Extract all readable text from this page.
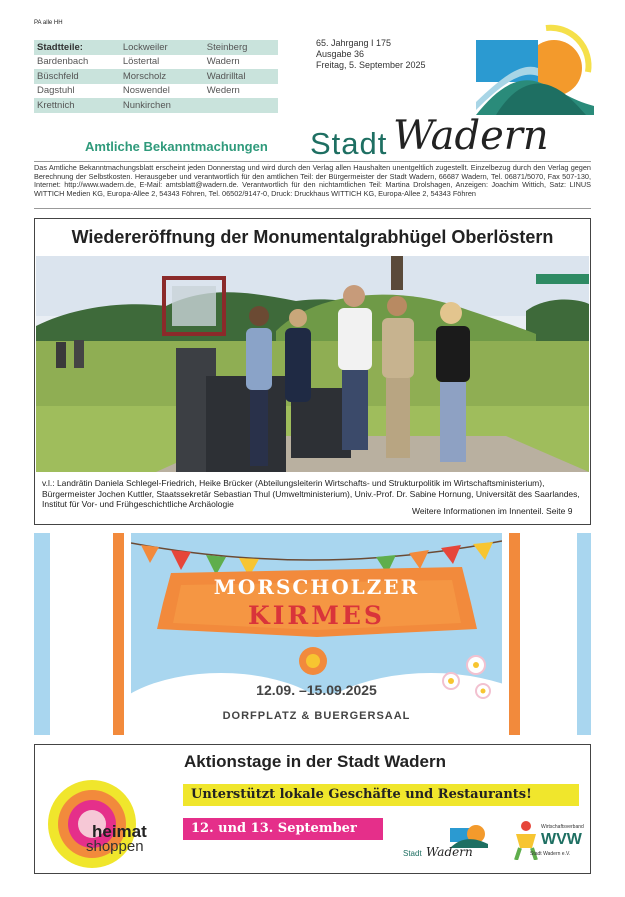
PA alle HH
Stadtteile:	Lockweiler	Steinberg
Bardenbach	Löstertal	Wadern
Büschfeld	Morscholz	Wadrilltal
Dagstuhl	Noswendel	Wedern
Krettnich	Nunkirchen
65. Jahrgang I 175
Ausgabe 36
Freitag, 5. September 2025
Amtliche Bekanntmachungen Stadt Wadern
Das Amtliche Bekanntmachungsblatt erscheint jeden Donnerstag und wird durch den Verlag allen Haushalten unentgeltlich zugestellt. Einzelbezug durch den Verlag gegen Berechnung der Selbstkosten. Herausgeber und verantwortlich für den amtlichen Teil: der Bürgermeister der Stadt Wadern, 66687 Wadern, Tel. 06871/5070, Fax 507-130, Internet: http://www.wadern.de, E-Mail: amtsblatt@wadern.de. Verantwortlich für den nichtamtlichen Teil: Martina Drolshagen, Anzeigen: Joachim Wittich, Satz: LINUS WITTICH Medien KG, Europa-Allee 2, 54343 Föhren, Tel. 06502/9147-0, Druck: Druckhaus WITTICH KG, Europa-Allee 2, 54343 Föhren
Wiedereröffnung der Monumentalgrabhügel Oberlöstern
v.l.: Landrätin Daniela Schlegel-Friedrich, Heike Brücker (Abteilungsleiterin Wirtschafts- und Strukturpolitik im Wirtschaftsministerium), Bürgermeister Jochen Kuttler, Staatssekretär Sebastian Thul (Umweltministerium), Univ.-Prof. Dr. Sabine Hornung, Universität des Saarlandes, Institut für Vor- und Frühgeschichtliche Archäologie
Weitere Informationen im Innenteil. Seite 9
MORSCHOLZER
KIRMES
12.09. –15.09.2025
DORFPLATZ & BUERGERSAAL
heimat
shoppen
Aktionstage in der Stadt Wadern
Unterstützt lokale Geschäfte und Restaurants!
12. und 13. September
Stadt Wadern
Wirtschaftsverband
WVW
Stadt Wadern e.V.
